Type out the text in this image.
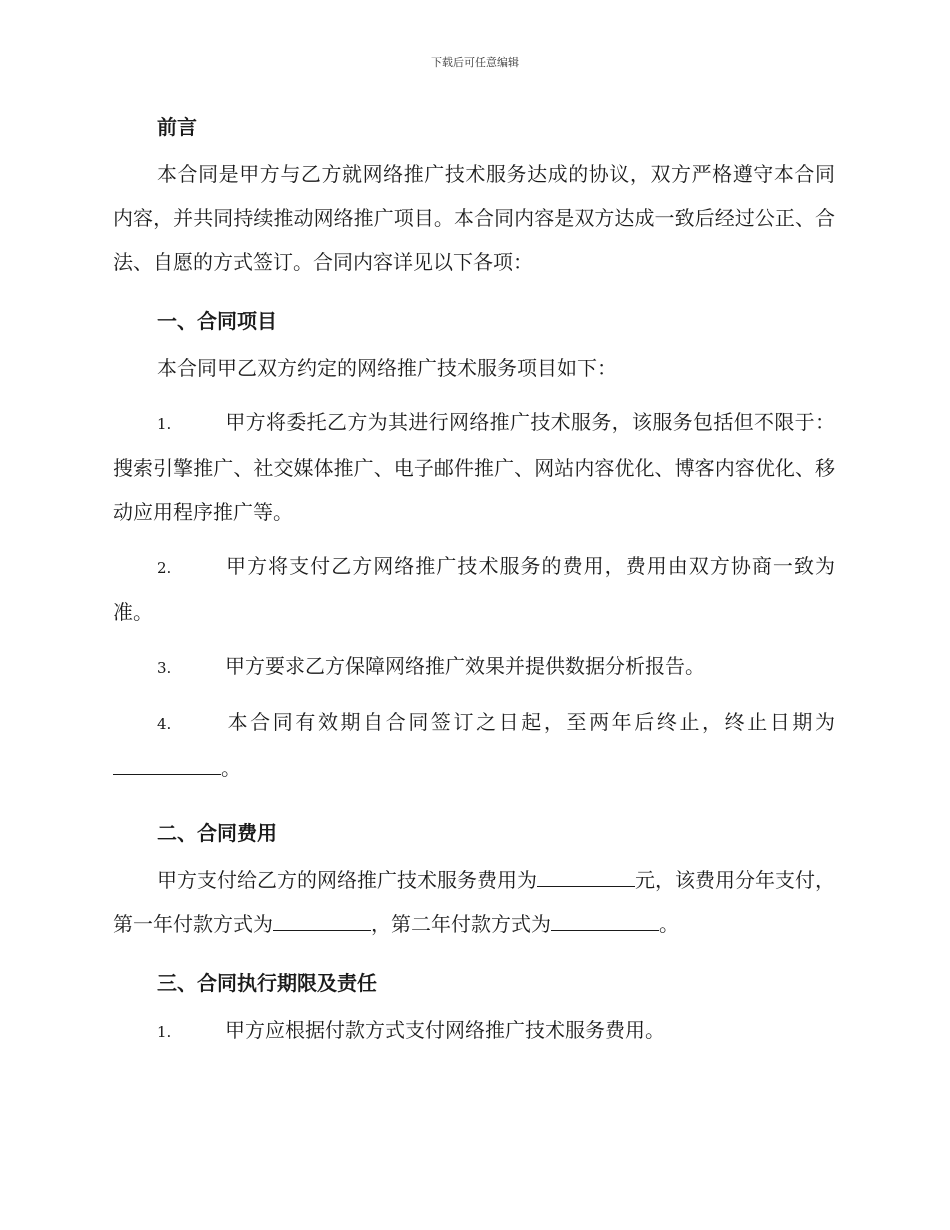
下载后可任意编辑

前言

本合同是甲方与乙方就网络推广技术服务达成的协议，双方严格遵守本合同内容，并共同持续推动网络推广项目。本合同内容是双方达成一致后经过公正、合法、自愿的方式签订。合同内容详见以下各项：

一、合同项目

本合同甲乙双方约定的网络推广技术服务项目如下：

1.	甲方将委托乙方为其进行网络推广技术服务，该服务包括但不限于：搜索引擎推广、社交媒体推广、电子邮件推广、网站内容优化、博客内容优化、移动应用程序推广等。

2.	甲方将支付乙方网络推广技术服务的费用，费用由双方协商一致为准。

3.	甲方要求乙方保障网络推广效果并提供数据分析报告。

4.	本合同有效期自合同签订之日起，至两年后终止，终止日期为。

二、合同费用

甲方支付给乙方的网络推广技术服务费用为	元，该费用分年支付，第一年付款方式为	，第二年付款方式为	。

三、合同执行期限及责任

1.	甲方应根据付款方式支付网络推广技术服务费用。
